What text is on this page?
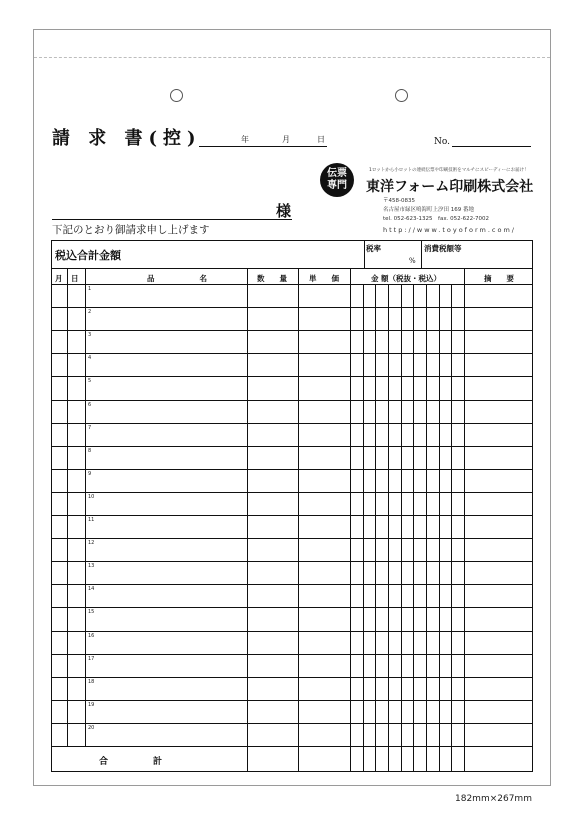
請 求 書(控)	年	月	日	No.
伝票
専門
1ロットから小ロットの連続伝票や印刷技術をマルチにスピーディーにお届け！
東洋フォーム印刷株式会社
〒458-0835
名古屋市緑区鳴海町上汐田 169 番地
tel. 052-623-1325　fax. 052-622-7002
http://www.toyoform.com/
様
下記のとおり御請求申し上げます
税込合計金額
税率
%
消費税額等
月 日	品　　　　　　名	数　　量	単　　価	金 額（税抜・税込）	摘　　要
合　　　　　計
1
2
3
4
5
6
7
8
9
10
11
12
13
14
15
16
17
18
19
20
182mm×267mm
